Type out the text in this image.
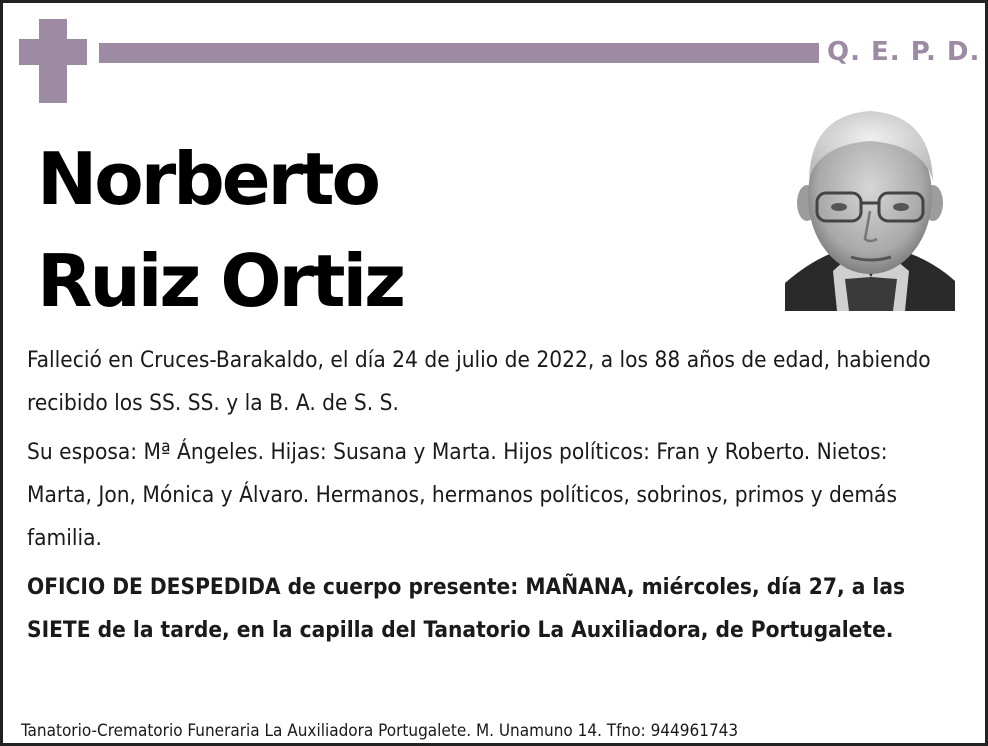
Q. E. P. D.
Norberto
Ruiz Ortiz

Falleció en Cruces-Barakaldo, el día 24 de julio de 2022, a los 88 años de edad, habiendo recibido los SS. SS. y la B. A. de S. S.

Su esposa: Mª Ángeles. Hijas: Susana y Marta. Hijos políticos: Fran y Roberto. Nietos: Marta, Jon, Mónica y Álvaro. Hermanos, hermanos políticos, sobrinos, primos y demás familia.

OFICIO DE DESPEDIDA de cuerpo presente: MAÑANA, miércoles, día 27, a las SIETE de la tarde, en la capilla del Tanatorio La Auxiliadora, de Portugalete.

Tanatorio-Crematorio Funeraria La Auxiliadora Portugalete. M. Unamuno 14. Tfno: 944961743
